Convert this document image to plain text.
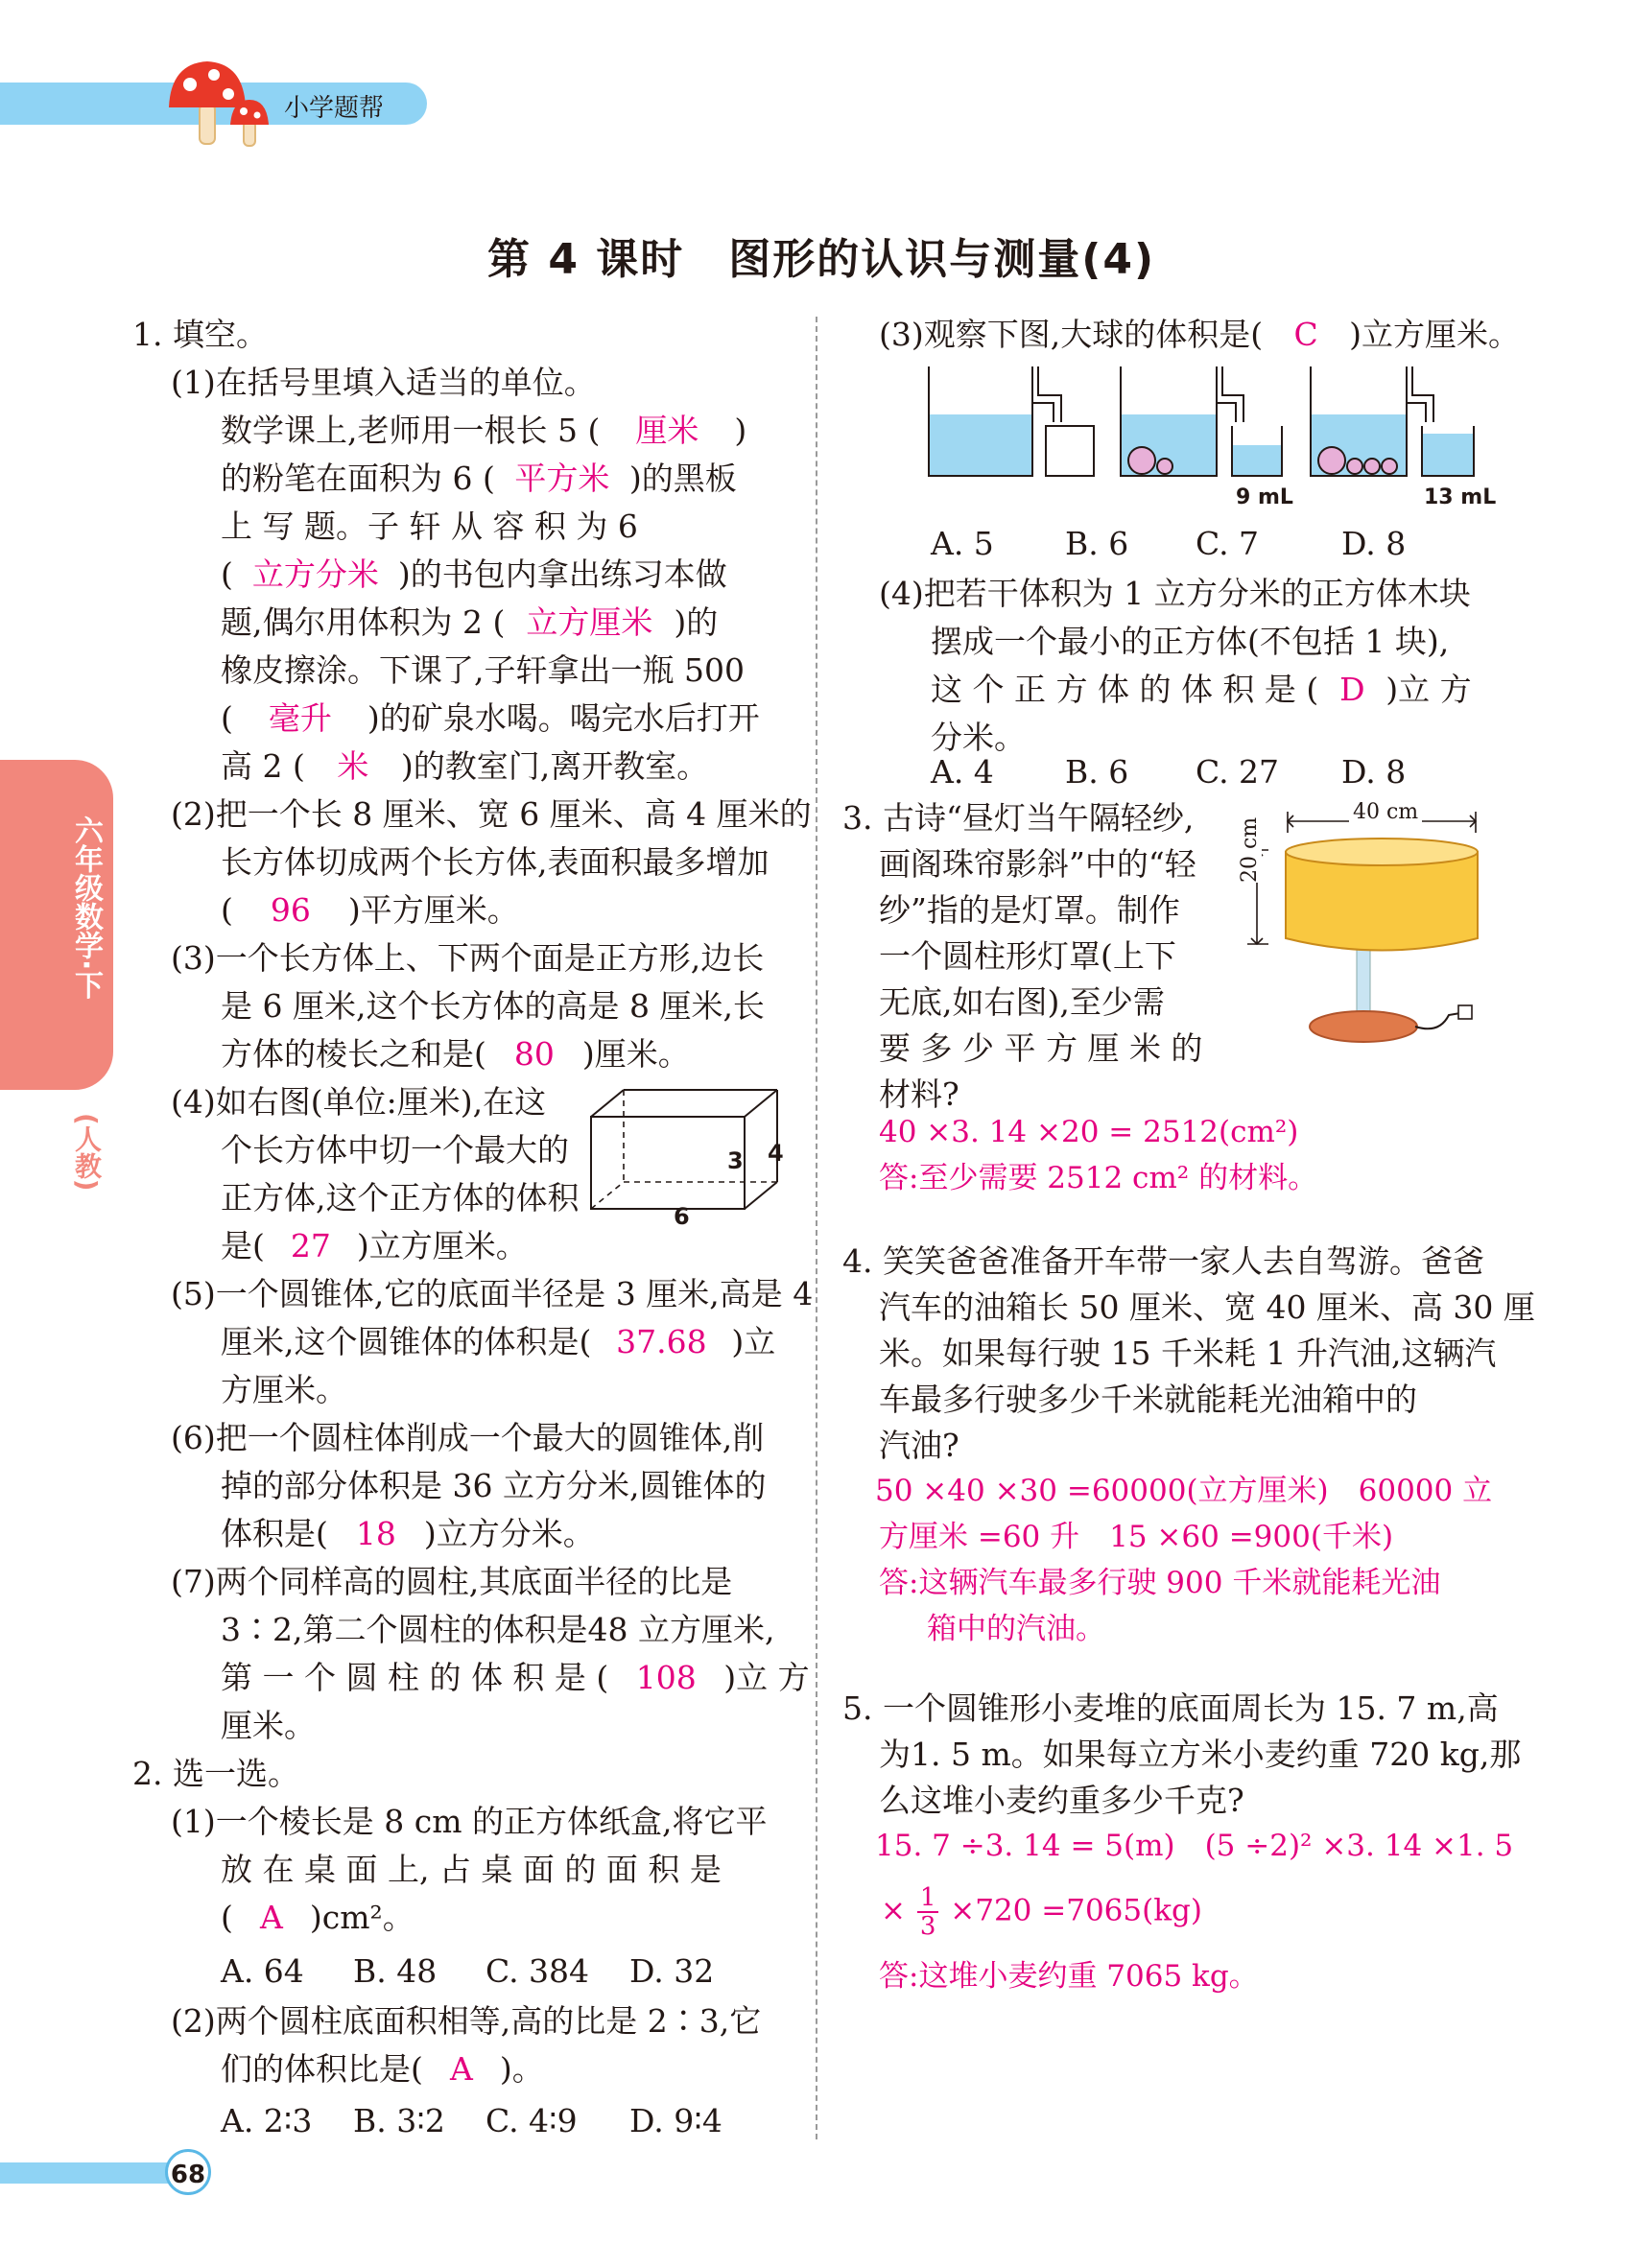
小学题帮
第 4 课时　图形的认识与测量(4)
六年级数学·下
(人教)
1. 填空。
(1)在括号里填入适当的单位。
数学课上,老师用一根长 5 ( 厘米 )
的粉笔在面积为 6 ( 平方米 )的黑板
上 写 题。子 轩 从 容 积 为 6
( 立方分米 )的书包内拿出练习本做
题,偶尔用体积为 2 ( 立方厘米 )的
橡皮擦涂。下课了,子轩拿出一瓶 500
( 毫升 )的矿泉水喝。喝完水后打开
高 2 ( 米 )的教室门,离开教室。
(2)把一个长 8 厘米、宽 6 厘米、高 4 厘米的
长方体切成两个长方体,表面积最多增加
( 96 )平方厘米。
(3)一个长方体上、下两个面是正方形,边长
是 6 厘米,这个长方体的高是 8 厘米,长
方体的棱长之和是( 80 )厘米。
(4)如右图(单位:厘米),在这
个长方体中切一个最大的
正方体,这个正方体的体积
是( 27 )立方厘米。
3 4
6
(5)一个圆锥体,它的底面半径是 3 厘米,高是 4
厘米,这个圆锥体的体积是( 37.68 )立
方厘米。
(6)把一个圆柱体削成一个最大的圆锥体,削
掉的部分体积是 36 立方分米,圆锥体的
体积是( 18 )立方分米。
(7)两个同样高的圆柱,其底面半径的比是
3∶2,第二个圆柱的体积是48 立方厘米,
第 一 个 圆 柱 的 体 积 是 ( 108 )立 方
厘米。
2. 选一选。
(1)一个棱长是 8 cm 的正方体纸盒,将它平
放 在 桌 面 上, 占 桌 面 的 面 积 是
( A )cm²。
A. 64 B. 48 C. 384 D. 32
(2)两个圆柱底面积相等,高的比是 2∶3,它
们的体积比是( A )。
A. 2∶3 B. 3∶2 C. 4∶9 D. 9∶4
68
(3)观察下图,大球的体积是( C )立方厘米。
9 mL	13 mL
A. 5 B. 6 C. 7	D. 8
(4)把若干体积为 1 立方分米的正方体木块
摆成一个最小的正方体(不包括 1 块),
这 个 正 方 体 的 体 积 是 ( D )立 方
分米。
A. 4 B. 6 C. 27 D. 8
3. 古诗“昼灯当午隔轻纱,
画阁珠帘影斜”中的“轻
纱”指的是灯罩。制作
一个圆柱形灯罩(上下
无底,如右图),至少需
要 多 少 平 方 厘 米 的
材料?
40 cm
20 cm
40 ×3. 14 ×20 = 2512(cm²)
答:至少需要 2512 cm² 的材料。
4. 笑笑爸爸准备开车带一家人去自驾游。爸爸
汽车的油箱长 50 厘米、宽 40 厘米、高 30 厘
米。如果每行驶 15 千米耗 1 升汽油,这辆汽
车最多行驶多少千米就能耗光油箱中的
汽油?
50 ×40 ×30 =60000(立方厘米)　60000 立
方厘米 =60 升　15 ×60 =900(千米)
答:这辆汽车最多行驶 900 千米就能耗光油
箱中的汽油。
5. 一个圆锥形小麦堆的底面周长为 15. 7 m,高
为1. 5 m。如果每立方米小麦约重 720 kg,那
么这堆小麦约重多少千克?
15. 7 ÷3. 14 = 5(m)　(5 ÷2)² ×3. 14 ×1. 5
× $\frac{1}{3} \times 720 =7065(kg)$
答:这堆小麦约重 7065 kg。
